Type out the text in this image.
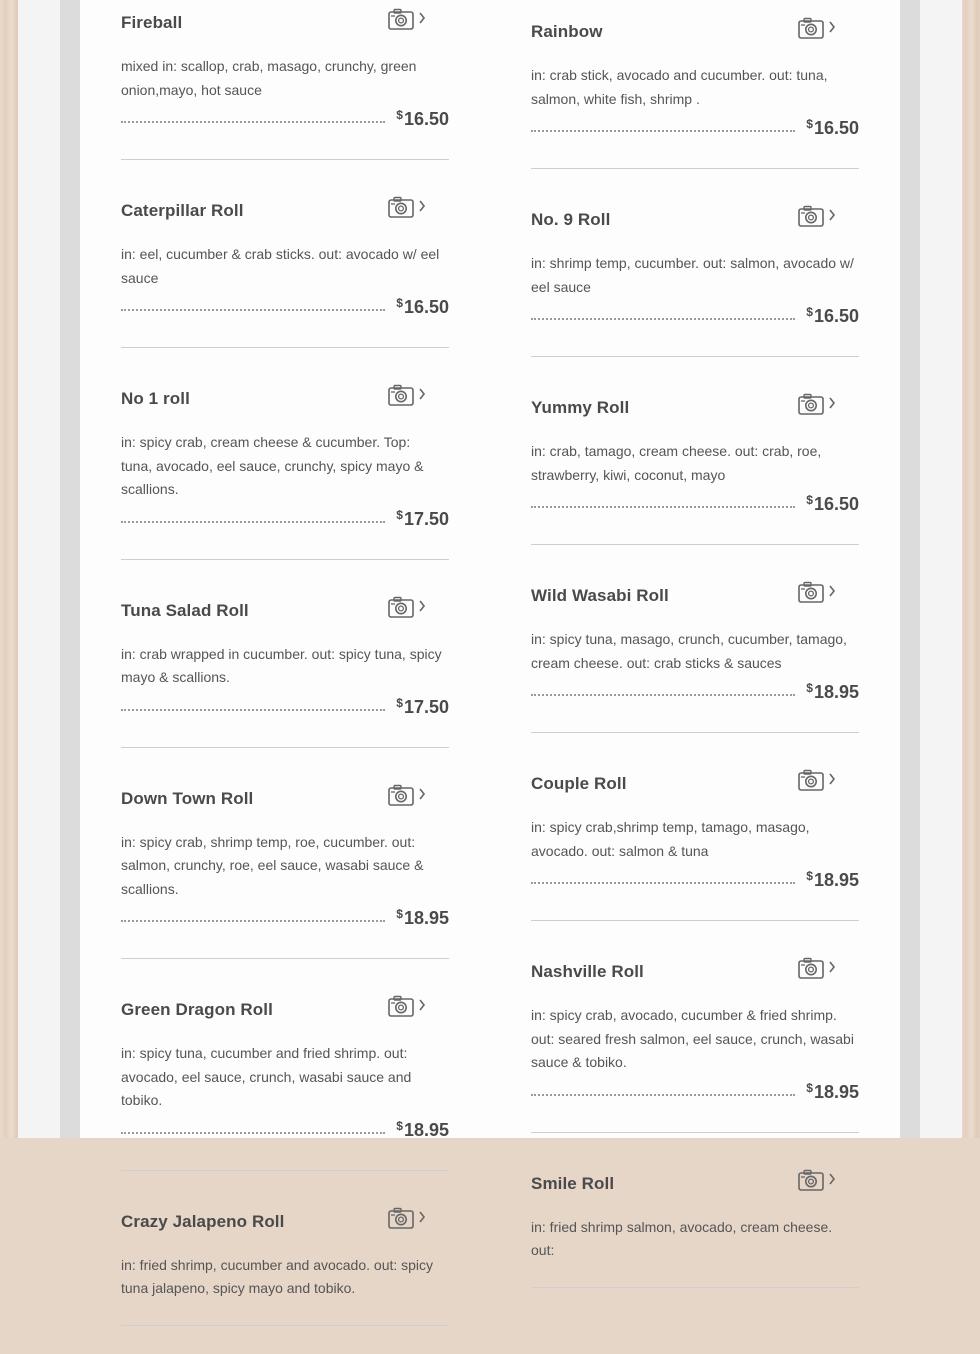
Fireball
mixed in: scallop, crab, masago, crunchy, green onion,mayo, hot sauce
$16.50
Caterpillar Roll
in: eel, cucumber & crab sticks. out: avocado w/ eel sauce
$16.50
No 1 roll
in: spicy crab, cream cheese & cucumber. Top: tuna, avocado, eel sauce, crunchy, spicy mayo & scallions.
$17.50
Tuna Salad Roll
in: crab wrapped in cucumber. out: spicy tuna, spicy mayo & scallions.
$17.50
Down Town Roll
in: spicy crab, shrimp temp, roe, cucumber. out: salmon, crunchy, roe, eel sauce, wasabi sauce & scallions.
$18.95
Green Dragon Roll
in: spicy tuna, cucumber and fried shrimp. out: avocado, eel sauce, crunch, wasabi sauce and tobiko.
$18.95
Crazy Jalapeno Roll
in: fried shrimp, cucumber and avocado. out: spicy tuna jalapeno, spicy mayo and tobiko.
Rainbow
in: crab stick, avocado and cucumber. out: tuna, salmon, white fish, shrimp .
$16.50
No. 9 Roll
in: shrimp temp, cucumber. out: salmon, avocado w/ eel sauce
$16.50
Yummy Roll
in: crab, tamago, cream cheese. out: crab, roe, strawberry, kiwi, coconut, mayo
$16.50
Wild Wasabi Roll
in: spicy tuna, masago, crunch, cucumber, tamago, cream cheese. out: crab sticks & sauces
$18.95
Couple Roll
in: spicy crab,shrimp temp, tamago, masago, avocado. out: salmon & tuna
$18.95
Nashville Roll
in: spicy crab, avocado, cucumber & fried shrimp. out: seared fresh salmon, eel sauce, crunch, wasabi sauce & tobiko.
$18.95
Smile Roll
in: fried shrimp salmon, avocado, cream cheese. out:
